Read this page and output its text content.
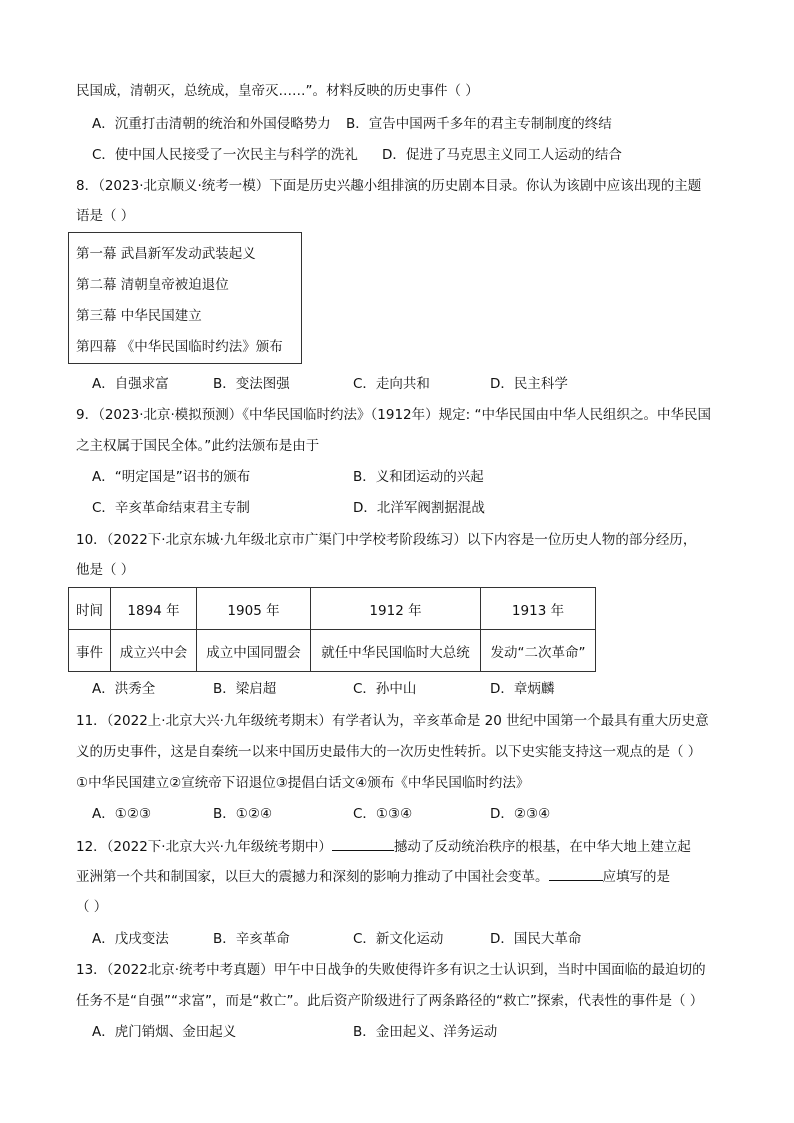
民国成，清朝灭，总统成，皇帝灭……”。材料反映的历史事件（ ）
A．沉重打击清朝的统治和外国侵略势力 B．宣告中国两千多年的君主专制制度的终结
C．使中国人民接受了一次民主与科学的洗礼 D．促进了马克思主义同工人运动的结合
8．（2023·北京顺义·统考一模）下面是历史兴趣小组排演的历史剧本目录。你认为该剧中应该出现的主题
语是（ ）
第一幕 武昌新军发动武装起义
第二幕 清朝皇帝被迫退位
第三幕 中华民国建立
第四幕 《中华民国临时约法》颁布
A．自强求富	B．变法图强	C．走向共和	D．民主科学
9．（2023·北京·模拟预测）《中华民国临时约法》（1912年）规定: “中华民国由中华人民组织之。中华民国
之主权属于国民全体。”此约法颁布是由于
A．“明定国是”诏书的颁布	B．义和团运动的兴起
C．辛亥革命结束君主专制	D．北洋军阀割据混战
10．（2022下·北京东城·九年级北京市广渠门中学校考阶段练习）以下内容是一位历史人物的部分经历，
他是（ ）
时间	1894 年	1905 年	1912 年	1913 年
事件	成立兴中会	成立中国同盟会	就任中华民国临时大总统	发动“二次革命”
A．洪秀全	B．梁启超	C．孙中山	D．章炳麟
11．（2022上·北京大兴·九年级统考期末）有学者认为，辛亥革命是 20 世纪中国第一个最具有重大历史意
义的历史事件，这是自秦统一以来中国历史最伟大的一次历史性转折。以下史实能支持这一观点的是（ ）
①中华民国建立②宣统帝下诏退位③提倡白话文④颁布《中华民国临时约法》
A．①②③	B．①②④	C．①③④	D．②③④
12．（2022下·北京大兴·九年级统考期中）	撼动了反动统治秩序的根基，在中华大地上建立起
亚洲第一个共和制国家，以巨大的震撼力和深刻的影响力推动了中国社会变革。	应填写的是
（ ）
A．戊戌变法	B．辛亥革命	C．新文化运动	D．国民大革命
13．（2022北京·统考中考真题）甲午中日战争的失败使得许多有识之士认识到，当时中国面临的最迫切的
任务不是“自强”“求富”，而是“救亡”。此后资产阶级进行了两条路径的“救亡”探索，代表性的事件是（ ）
A．虎门销烟、金田起义	B．金田起义、洋务运动
